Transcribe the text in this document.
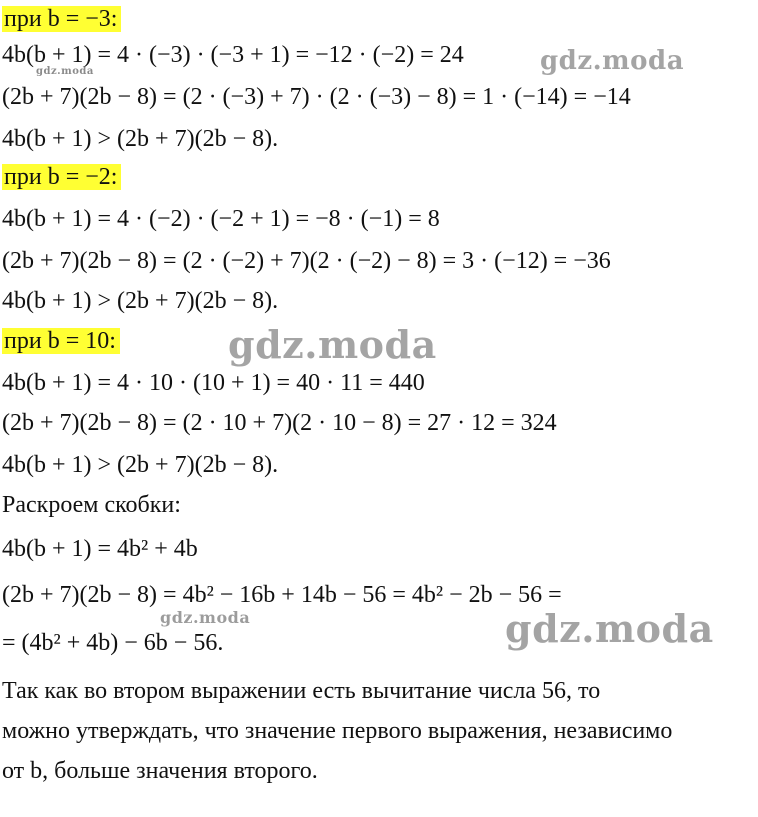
при b = −3:
4b(b + 1) = 4 · (−3) · (−3 + 1) = −12 · (−2) = 24
(2b + 7)(2b − 8) = (2 · (−3) + 7) · (2 · (−3) − 8) = 1 · (−14) = −14
4b(b + 1) > (2b + 7)(2b − 8).
при b = −2:
4b(b + 1) = 4 · (−2) · (−2 + 1) = −8 · (−1) = 8
(2b + 7)(2b − 8) = (2 · (−2) + 7)(2 · (−2) − 8) = 3 · (−12) = −36
4b(b + 1) > (2b + 7)(2b − 8).
при b = 10:
4b(b + 1) = 4 · 10 · (10 + 1) = 40 · 11 = 440
(2b + 7)(2b − 8) = (2 · 10 + 7)(2 · 10 − 8) = 27 · 12 = 324
4b(b + 1) > (2b + 7)(2b − 8).
Раскроем скобки:
4b(b + 1) = 4b² + 4b
(2b + 7)(2b − 8) = 4b² − 16b + 14b − 56 = 4b² − 2b − 56 =
= (4b² + 4b) − 6b − 56.
Так как во втором выражении есть вычитание числа 56, то
можно утверждать, что значение первого выражения, независимо
от b, больше значения второго.
gdz.moda
gdz.moda
gdz.moda
gdz.moda	gdz.moda
